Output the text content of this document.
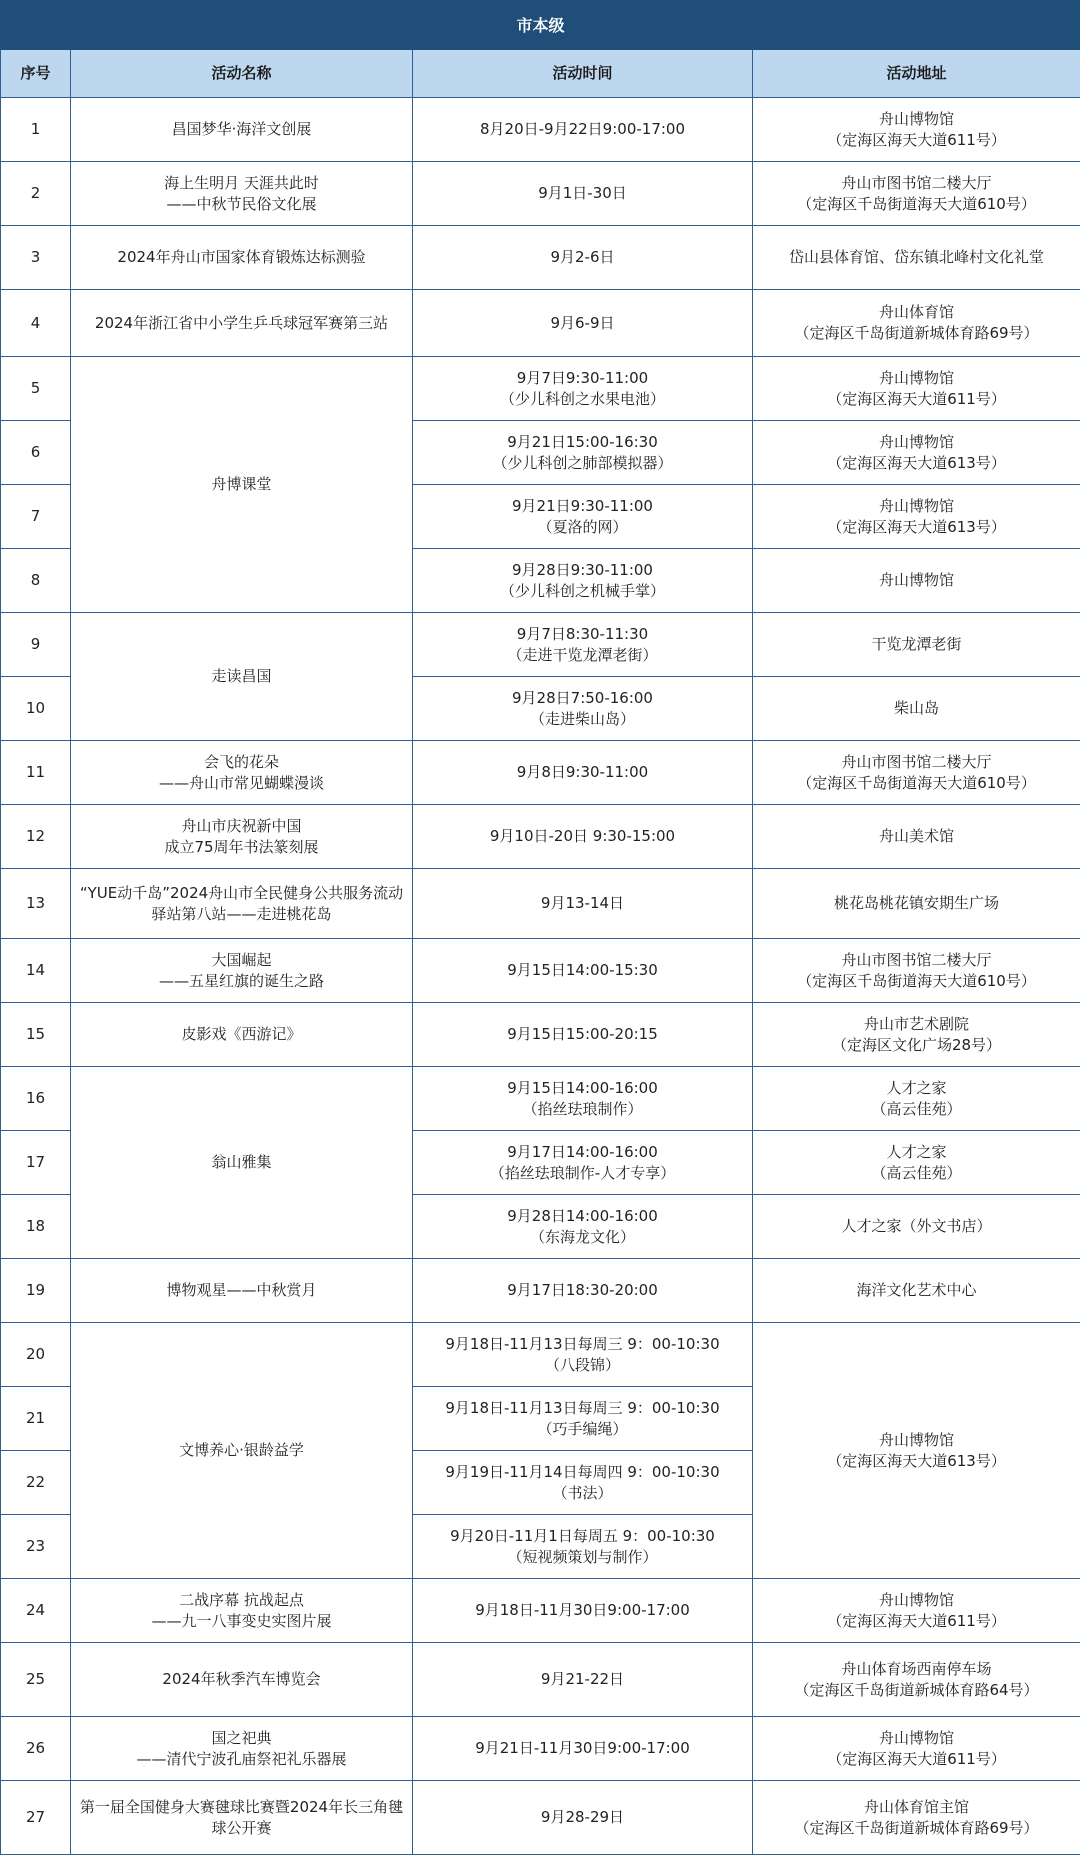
市本级			
序号	活动名称	活动时间	活动地址
1	昌国梦华·海洋文创展	8月20日-9月22日9:00-17:00	舟山博物馆
（定海区海天大道611号）
2	海上生明月 天涯共此时
——中秋节民俗文化展	9月1日-30日	舟山市图书馆二楼大厅
（定海区千岛街道海天大道610号）
3	2024年舟山市国家体育锻炼达标测验	9月2-6日	岱山县体育馆、岱东镇北峰村文化礼堂
4	2024年浙江省中小学生乒乓球冠军赛第三站	9月6-9日	舟山体育馆
（定海区千岛街道新城体育路69号）
5	舟博课堂	9月7日9:30-11:00
（少儿科创之水果电池）	舟山博物馆
（定海区海天大道611号）
6		9月21日15:00-16:30
（少儿科创之肺部模拟器）	舟山博物馆
（定海区海天大道613号）
7		9月21日9:30-11:00
（夏洛的网）	舟山博物馆
（定海区海天大道613号）
8		9月28日9:30-11:00
（少儿科创之机械手掌）	舟山博物馆
9	走读昌国	9月7日8:30-11:30
（走进干览龙潭老街）	干览龙潭老街
10		9月28日7:50-16:00
（走进柴山岛）	柴山岛
11	会飞的花朵
——舟山市常见蝴蝶漫谈	9月8日9:30-11:00	舟山市图书馆二楼大厅
（定海区千岛街道海天大道610号）
12	舟山市庆祝新中国
成立75周年书法篆刻展	9月10日-20日 9:30-15:00	舟山美术馆
13	“YUE动千岛”2024舟山市全民健身公共服务流动驿站第八站——走进桃花岛	9月13-14日	桃花岛桃花镇安期生广场
14	大国崛起
——五星红旗的诞生之路	9月15日14:00-15:30	舟山市图书馆二楼大厅
（定海区千岛街道海天大道610号）
15	皮影戏《西游记》	9月15日15:00-20:15	舟山市艺术剧院
（定海区文化广场28号）
16	翁山雅集	9月15日14:00-16:00
（掐丝珐琅制作）	人才之家
（高云佳苑）
17		9月17日14:00-16:00
（掐丝珐琅制作-人才专享）	人才之家
（高云佳苑）
18		9月28日14:00-16:00
（东海龙文化）	人才之家（外文书店）
19	博物观星——中秋赏月	9月17日18:30-20:00	海洋文化艺术中心
20	文博养心·银龄益学	9月18日-11月13日每周三 9：00-10:30
（八段锦）	舟山博物馆
（定海区海天大道613号）
21		9月18日-11月13日每周三 9：00-10:30
（巧手编绳）	
22		9月19日-11月14日每周四 9：00-10:30
（书法）	
23		9月20日-11月1日每周五 9：00-10:30
（短视频策划与制作）	
24	二战序幕 抗战起点
——九一八事变史实图片展	9月18日-11月30日9:00-17:00	舟山博物馆
（定海区海天大道611号）
25	2024年秋季汽车博览会	9月21-22日	舟山体育场西南停车场
（定海区千岛街道新城体育路64号）
26	国之祀典
——清代宁波孔庙祭祀礼乐器展	9月21日-11月30日9:00-17:00	舟山博物馆
（定海区海天大道611号）
27	第一届全国健身大赛毽球比赛暨2024年长三角毽球公开赛	9月28-29日	舟山体育馆主馆
（定海区千岛街道新城体育路69号）
